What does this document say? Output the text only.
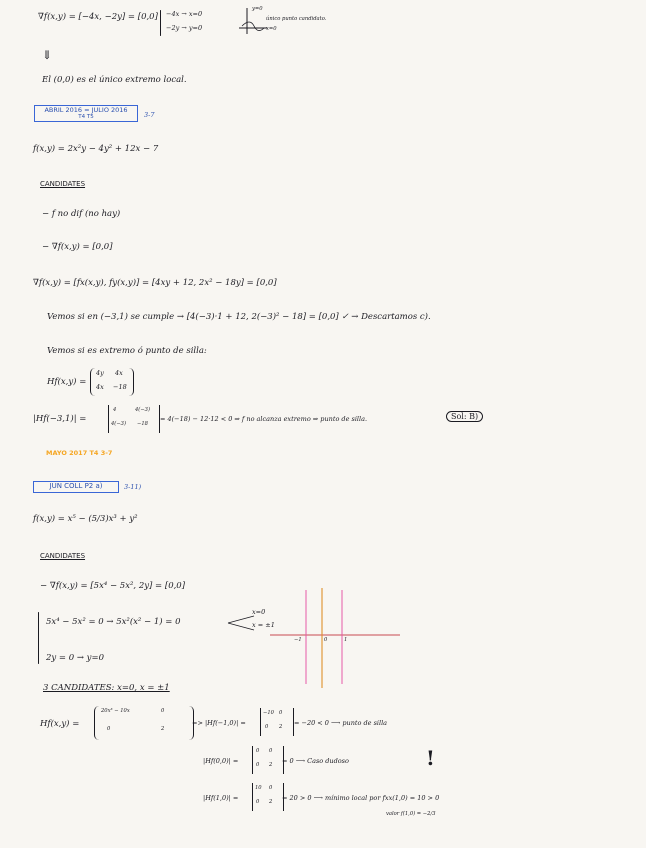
∇f(x,y) = [−4x, −2y] = [0,0] −4x → x=0
−2y → y=0
y=0
x=0
único punto candidato.
⇓
El (0,0) es el único extremo local.
ABRIL 2016 = JULIO 2016
T4 T5	3-7
f(x,y) = 2x²y − 4y² + 12x − 7
CANDIDATES
− f no dif (no hay)
− ∇f(x,y) = [0,0]
∇f(x,y) = [fx(x,y), fy(x,y)] = [4xy + 12, 2x² − 18y] = [0,0]
Vemos si en (−3,1) se cumple → [4(−3)·1 + 12, 2(−3)² − 18] = [0,0] ✓ → Descartamos c).
Vemos si es extremo ó punto de silla:
Hf(x,y) =
4y 4x
4x −18
|Hf(−3,1)| =
4	4(−3)
4(−3) −18
= 4(−18) − 12·12 < 0 ⇒ f no alcanza extremo ⇒ punto de silla.	Sol: B)
MAYO 2017 T4 3-7
JUN COLL P2 a)	3-11)
f(x,y) = x⁵ − (5/3)x³ + y²
CANDIDATES
− ∇f(x,y) = [5x⁴ − 5x², 2y] = [0,0]
5x⁴ − 5x² = 0 → 5x²(x² − 1) = 0
x=0
x = ±1
2y = 0 → y=0
−1	0	1
3 CANDIDATES: x=0, x = ±1
Hf(x,y) =
20x³ − 10x	0
0	2
=> |Hf(−1,0)| =
−10 0
0 2 = −20 < 0 ⟶ punto de silla
|Hf(0,0)| =
0 0
0 2 = 0 ⟶ Caso dudoso	!
|Hf(1,0)| =
10 0
0 2 = 20 > 0 ⟶ mínimo local por fxx(1,0) = 10 > 0
valor f(1,0) = −2/3
